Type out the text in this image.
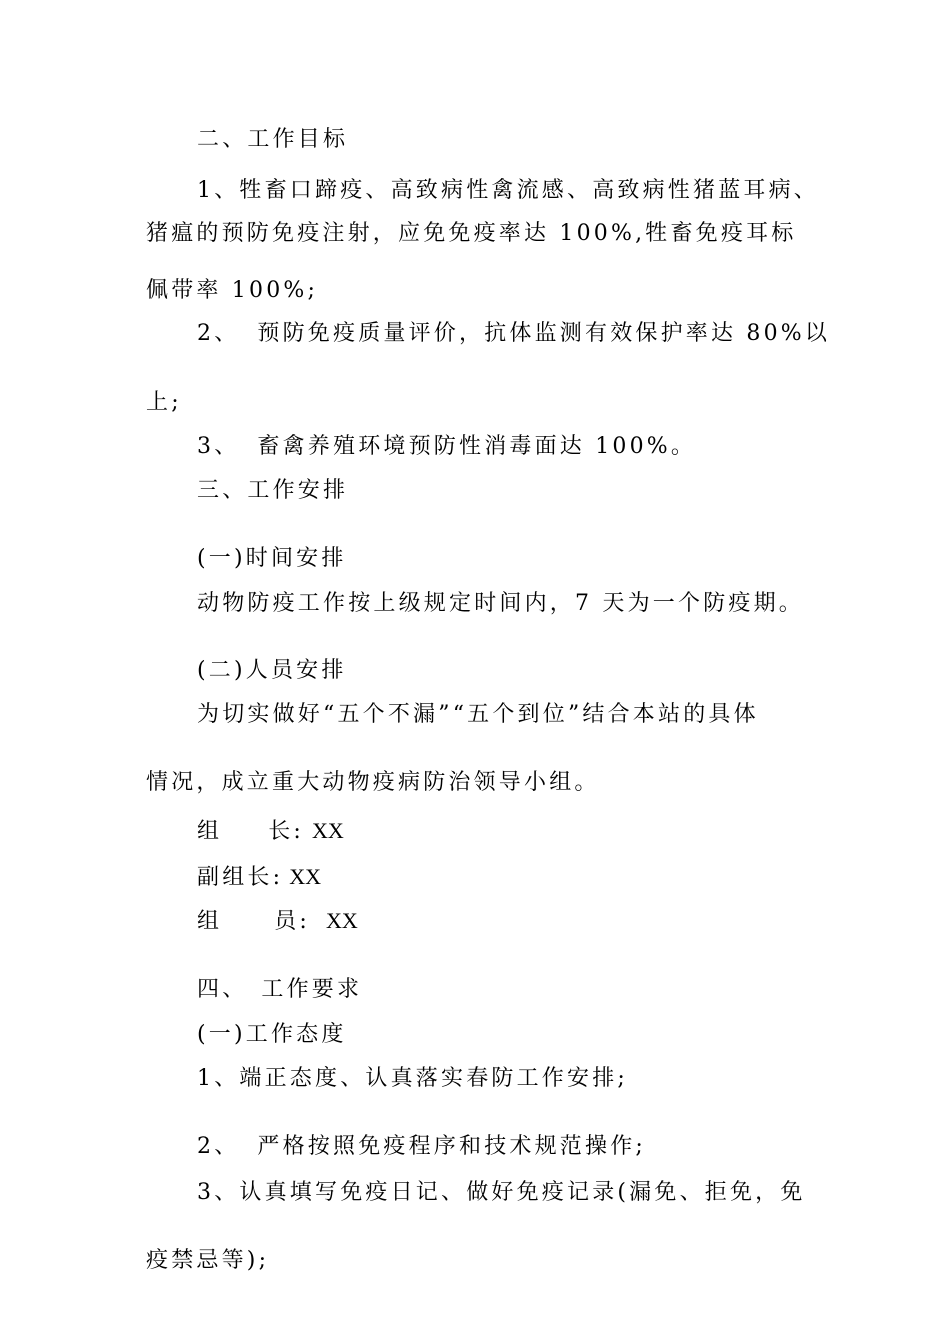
二、工作目标
1、牲畜口蹄疫、高致病性禽流感、高致病性猪蓝耳病、
猪瘟的预防免疫注射，应免免疫率达 100%,牲畜免疫耳标
佩带率 100%;
2、 预防免疫质量评价，抗体监测有效保护率达 80%以
上;
3、 畜禽养殖环境预防性消毒面达 100%。
三、工作安排
(一)时间安排
动物防疫工作按上级规定时间内，7 天为一个防疫期。
(二)人员安排
为切实做好“五个不漏”“五个到位”结合本站的具体
情况，成立重大动物疫病防治领导小组。
组 长: XX
副组长: XX
组 员: XX
四、 工作要求
(一)工作态度
1、端正态度、认真落实春防工作安排;
2、 严格按照免疫程序和技术规范操作;
3、认真填写免疫日记、做好免疫记录(漏免、拒免，免
疫禁忌等);
